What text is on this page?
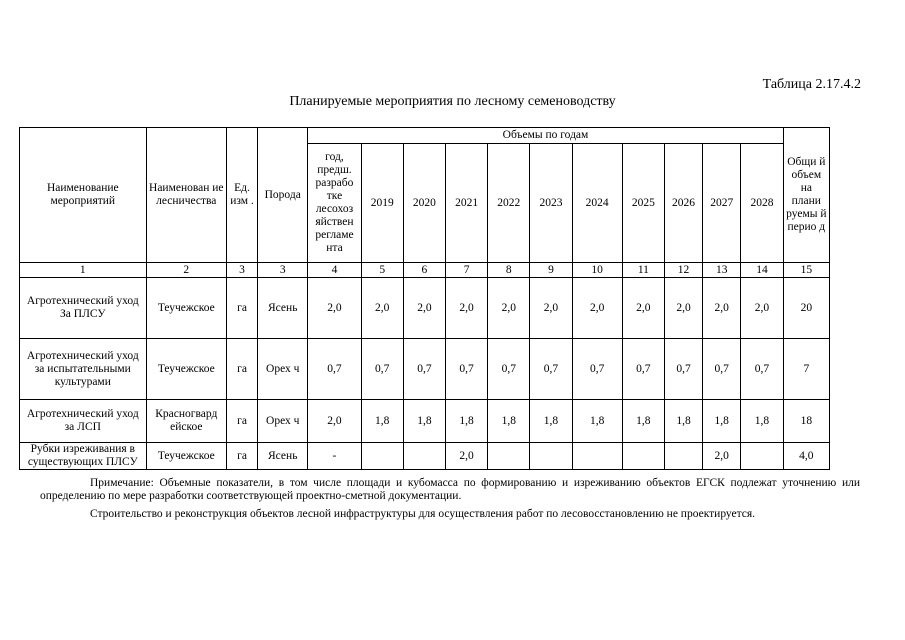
Таблица 2.17.4.2
Планируемые мероприятия по лесному семеноводству
Наименование мероприятий	Наименован ие лесничества	Ед. изм .	Порода	Объемы по годам											Общи й объем на плани руемы й перио д
				год, предш. разрабо тке лесохоз яйствен регламе нта	2019	2020	2021	2022	2023	2024	2025	2026	2027	2028	
1	2	3	3	4	5	6	7	8	9	10	11	12	13	14	15
Агротехнический уход За ПЛСУ	Теучежское	га	Ясень	2,0	2,0	2,0	2,0	2,0	2,0	2,0	2,0	2,0	2,0	2,0	20
Агротехнический уход за испытательными культурами	Теучежское	га	Орех ч	0,7	0,7	0,7	0,7	0,7	0,7	0,7	0,7	0,7	0,7	0,7	7
Агротехнический уход за ЛСП	Красногвард ейское	га	Орех ч	2,0	1,8	1,8	1,8	1,8	1,8	1,8	1,8	1,8	1,8	1,8	18
Рубки изреживания в существующих ПЛСУ	Теучежское	га	Ясень	-			2,0						2,0		4,0
Примечание: Объемные показатели, в том числе площади и кубомасса по формированию и изреживанию объектов ЕГСК подлежат уточнению или определению по мере разработки соответствующей проектно-сметной документации.
Строительство и реконструкция объектов лесной инфраструктуры для осуществления работ по лесовосстановлению не проектируется.
